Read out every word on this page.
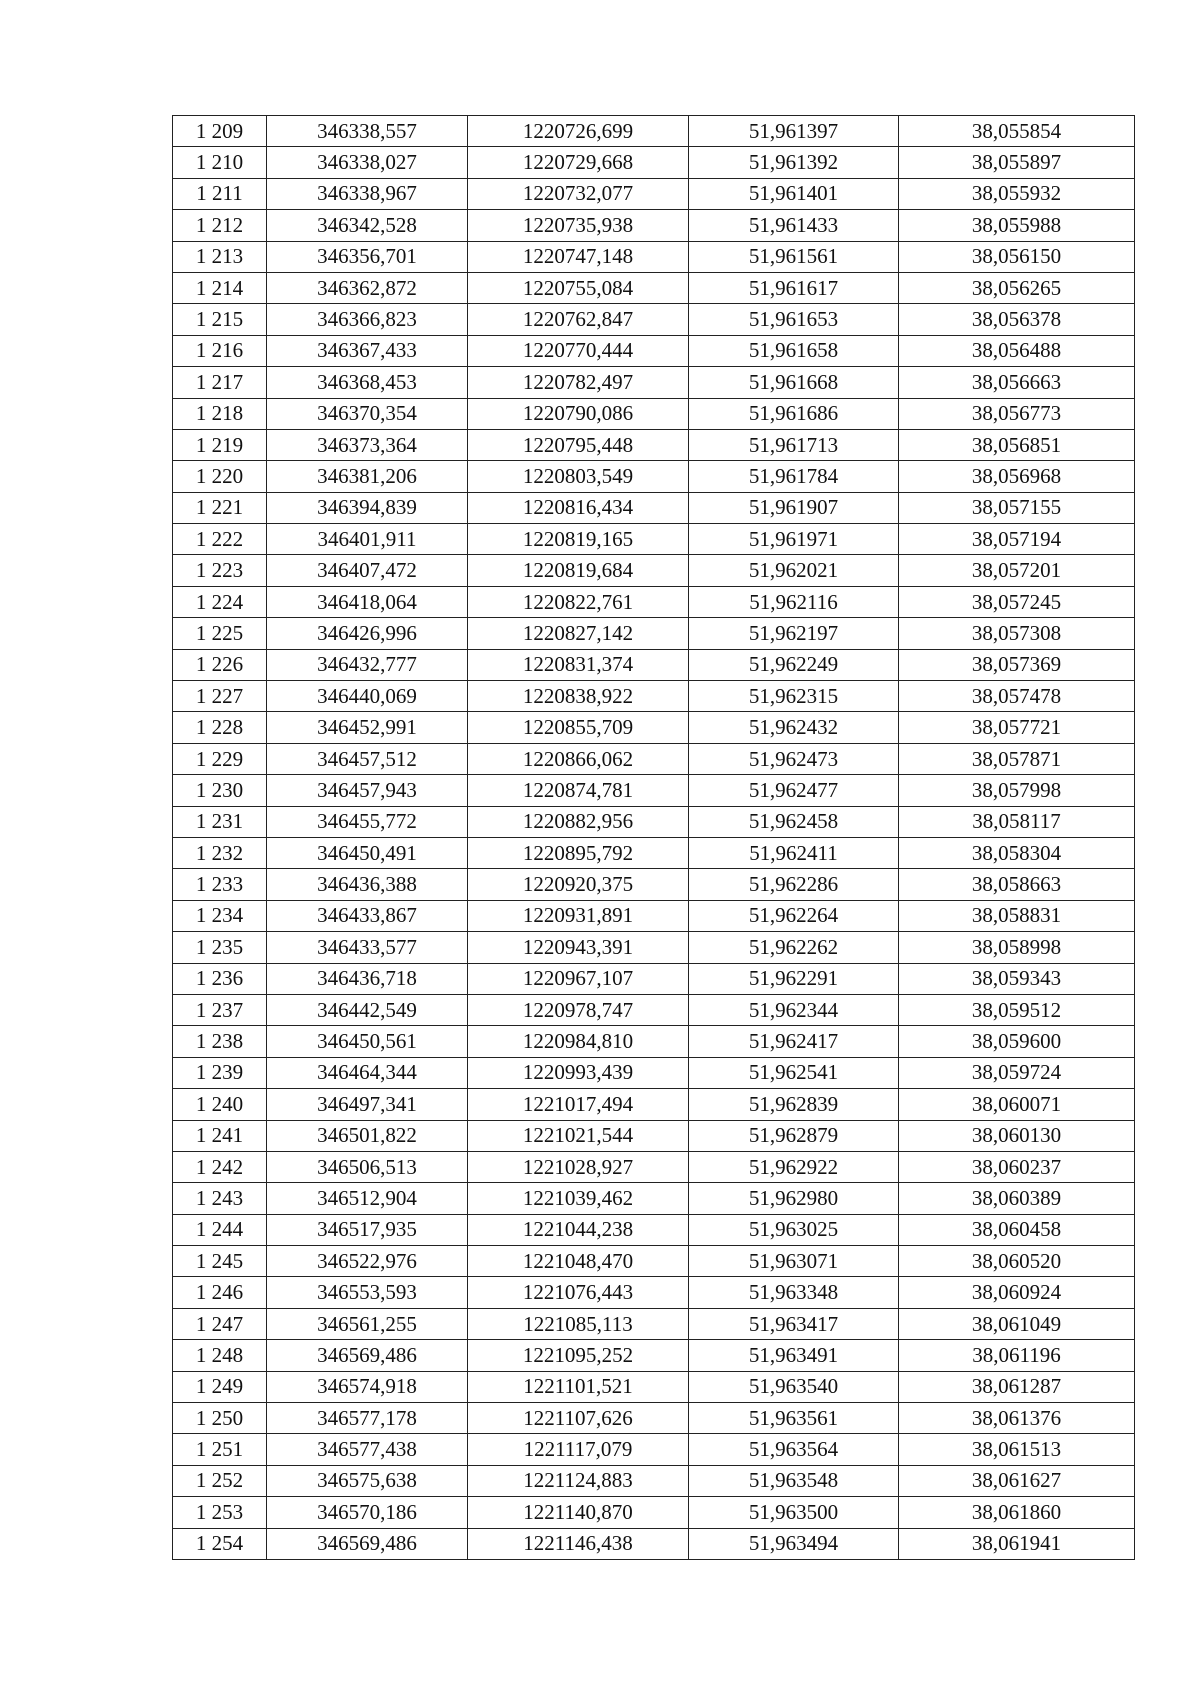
1 209	346338,557	1220726,699	51,961397	38,055854
1 210	346338,027	1220729,668	51,961392	38,055897
1 211	346338,967	1220732,077	51,961401	38,055932
1 212	346342,528	1220735,938	51,961433	38,055988
1 213	346356,701	1220747,148	51,961561	38,056150
1 214	346362,872	1220755,084	51,961617	38,056265
1 215	346366,823	1220762,847	51,961653	38,056378
1 216	346367,433	1220770,444	51,961658	38,056488
1 217	346368,453	1220782,497	51,961668	38,056663
1 218	346370,354	1220790,086	51,961686	38,056773
1 219	346373,364	1220795,448	51,961713	38,056851
1 220	346381,206	1220803,549	51,961784	38,056968
1 221	346394,839	1220816,434	51,961907	38,057155
1 222	346401,911	1220819,165	51,961971	38,057194
1 223	346407,472	1220819,684	51,962021	38,057201
1 224	346418,064	1220822,761	51,962116	38,057245
1 225	346426,996	1220827,142	51,962197	38,057308
1 226	346432,777	1220831,374	51,962249	38,057369
1 227	346440,069	1220838,922	51,962315	38,057478
1 228	346452,991	1220855,709	51,962432	38,057721
1 229	346457,512	1220866,062	51,962473	38,057871
1 230	346457,943	1220874,781	51,962477	38,057998
1 231	346455,772	1220882,956	51,962458	38,058117
1 232	346450,491	1220895,792	51,962411	38,058304
1 233	346436,388	1220920,375	51,962286	38,058663
1 234	346433,867	1220931,891	51,962264	38,058831
1 235	346433,577	1220943,391	51,962262	38,058998
1 236	346436,718	1220967,107	51,962291	38,059343
1 237	346442,549	1220978,747	51,962344	38,059512
1 238	346450,561	1220984,810	51,962417	38,059600
1 239	346464,344	1220993,439	51,962541	38,059724
1 240	346497,341	1221017,494	51,962839	38,060071
1 241	346501,822	1221021,544	51,962879	38,060130
1 242	346506,513	1221028,927	51,962922	38,060237
1 243	346512,904	1221039,462	51,962980	38,060389
1 244	346517,935	1221044,238	51,963025	38,060458
1 245	346522,976	1221048,470	51,963071	38,060520
1 246	346553,593	1221076,443	51,963348	38,060924
1 247	346561,255	1221085,113	51,963417	38,061049
1 248	346569,486	1221095,252	51,963491	38,061196
1 249	346574,918	1221101,521	51,963540	38,061287
1 250	346577,178	1221107,626	51,963561	38,061376
1 251	346577,438	1221117,079	51,963564	38,061513
1 252	346575,638	1221124,883	51,963548	38,061627
1 253	346570,186	1221140,870	51,963500	38,061860
1 254	346569,486	1221146,438	51,963494	38,061941
